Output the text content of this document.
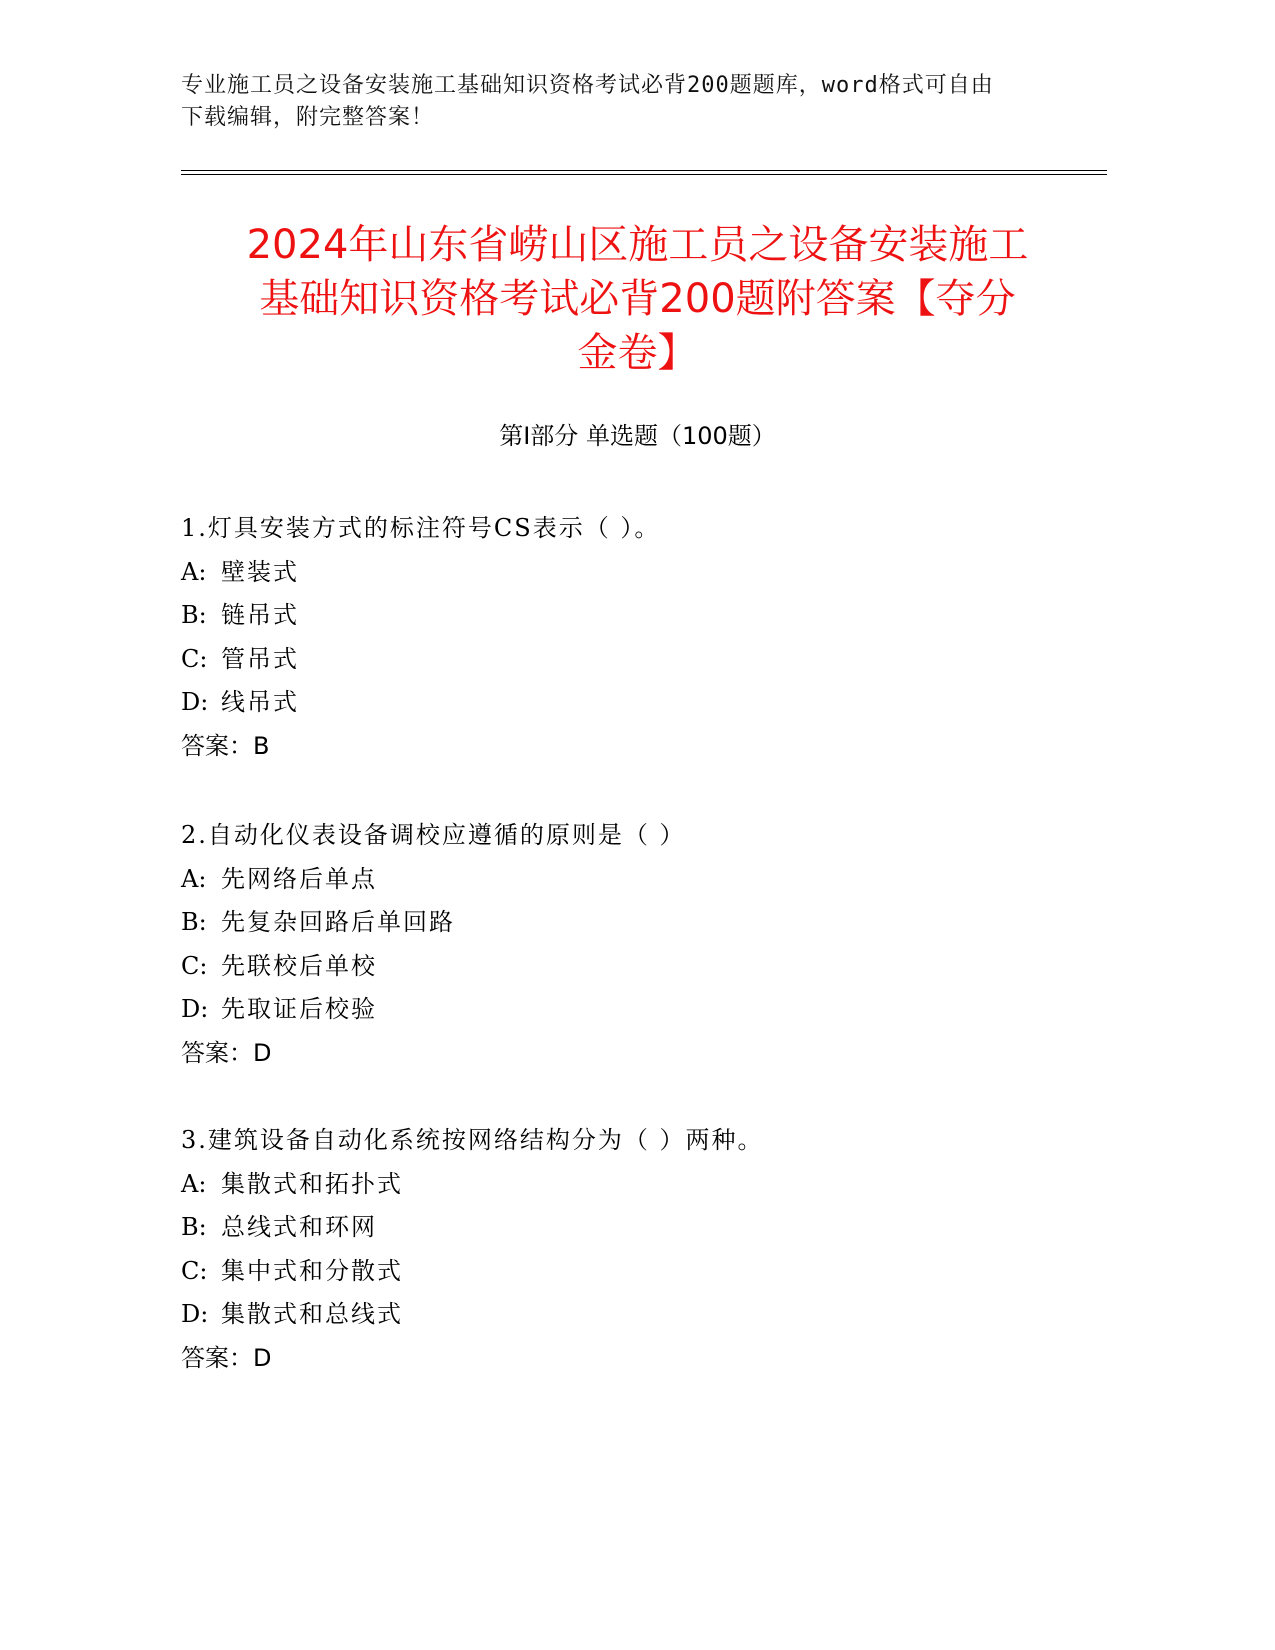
专业施工员之设备安装施工基础知识资格考试必背200题题库，word格式可自由
下载编辑，附完整答案！
2024年山东省崂山区施工员之设备安装施工
基础知识资格考试必背200题附答案【夺分
金卷】
第Ⅰ部分 单选题（100题）
1.灯具安装方式的标注符号CS表示（ ）。
A: 壁装式
B: 链吊式
C: 管吊式
D: 线吊式
答案：B
2.自动化仪表设备调校应遵循的原则是（ ）
A: 先网络后单点
B: 先复杂回路后单回路
C: 先联校后单校
D: 先取证后校验
答案：D
3.建筑设备自动化系统按网络结构分为（ ）两种。
A: 集散式和拓扑式
B: 总线式和环网
C: 集中式和分散式
D: 集散式和总线式
答案：D
